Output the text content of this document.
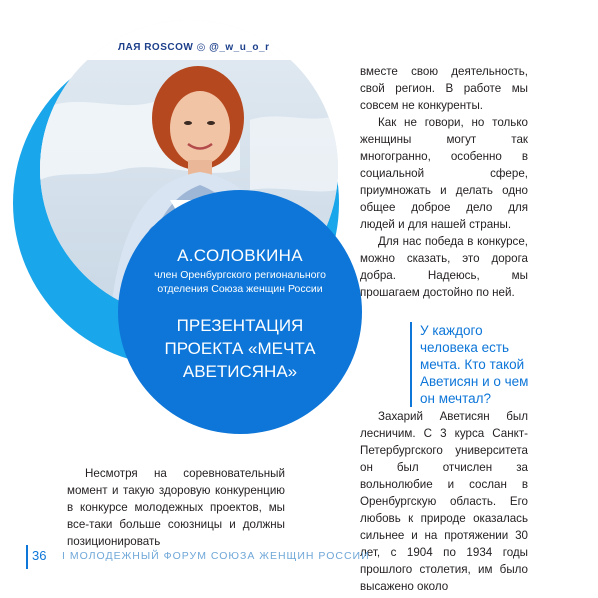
ЛАЯ ROSCOW ◎ @_w_u_o_r
А.СОЛОВКИНА
член Оренбургского регионального отделения Союза женщин России
ПРЕЗЕНТАЦИЯ ПРОЕКТА «МЕЧТА АВЕТИСЯНА»

вместе свою деятельность, свой регион. В работе мы совсем не конкуренты.

Как не говори, но только женщины могут так многогранно, особенно в социальной сфере, приумножать и делать одно общее доброе дело для людей и для нашей страны.

Для нас победа в конкурсе, можно сказать, это дорога добра. Надеюсь, мы прошагаем достойно по ней.

У каждого человека есть мечта. Кто такой Аветисян и о чем он мечтал?

Захарий Аветисян был лесничим. С 3 курса Санкт-Петербургского университета он был отчислен за вольнолюбие и сослан в Оренбургскую область. Его любовь к природе оказалась сильнее и на протяжении 30 лет, с 1904 по 1934 годы прошлого столетия, им было высажено около

Несмотря на соревновательный момент и такую здоровую конкуренцию в конкурсе молодежных проектов, мы все-таки больше союзницы и должны позиционировать

36 I МОЛОДЕЖНЫЙ ФОРУМ СОЮЗА ЖЕНЩИН РОССИИ
